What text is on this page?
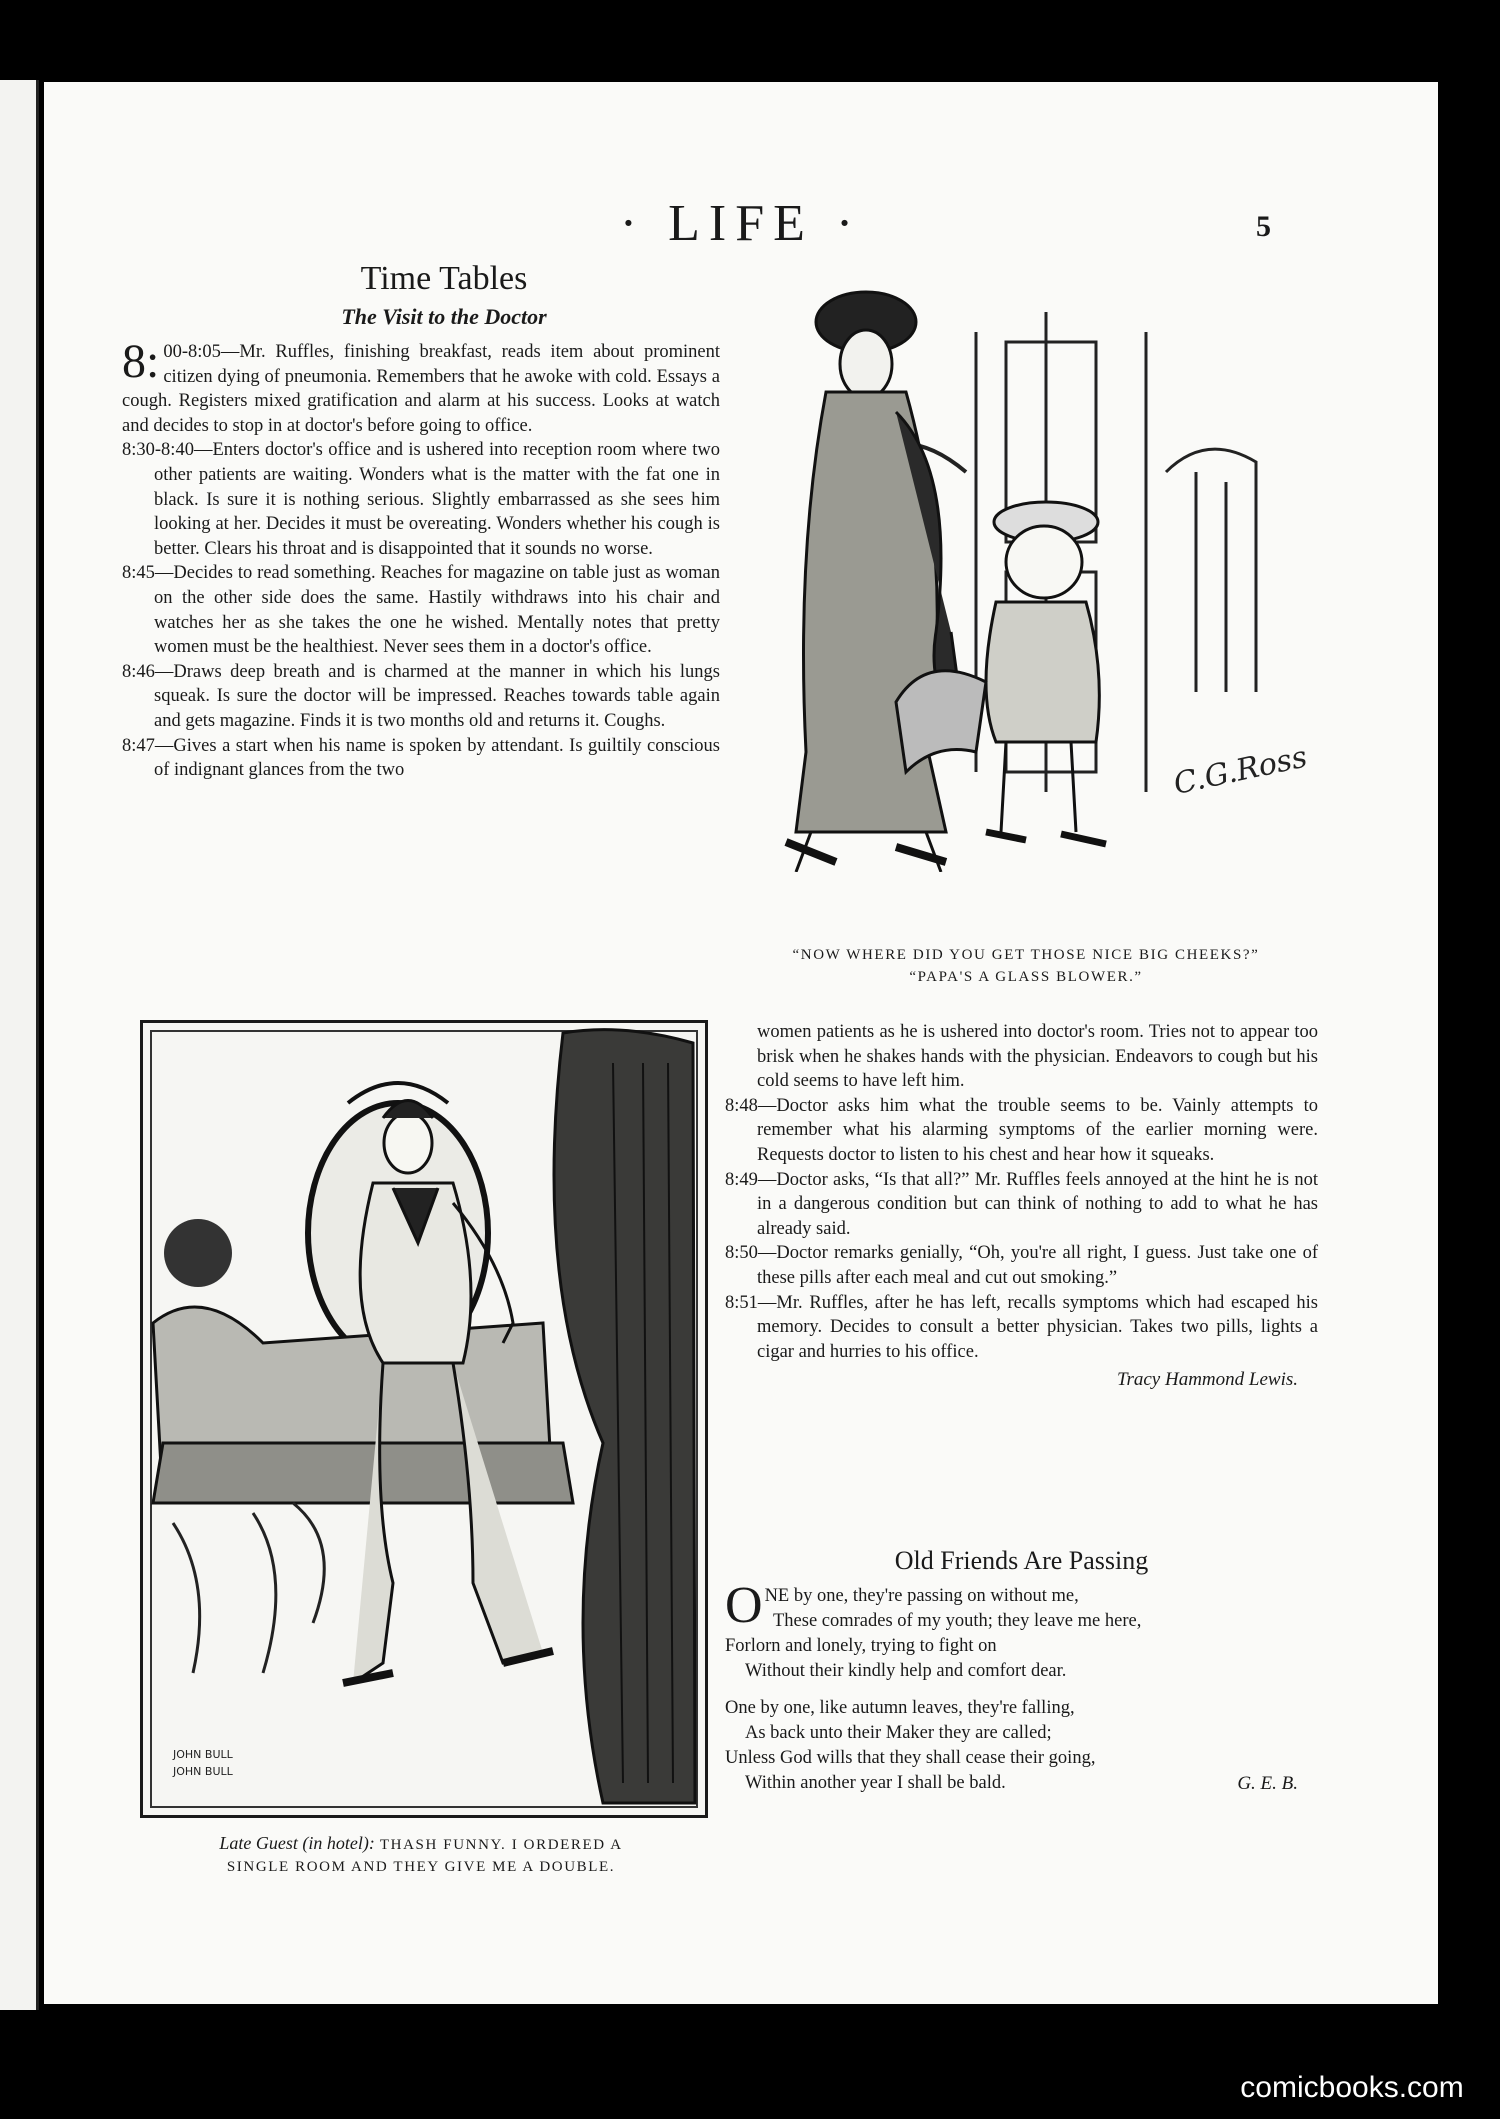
· LIFE ·	5
Time Tables
The Visit to the Doctor

8: 00-8:05—Mr. Ruffles, finishing breakfast, reads item about prominent citizen dying of pneumonia. Remembers that he awoke with cold. Essays a cough. Registers mixed gratification and alarm at his success. Looks at watch and decides to stop in at doctor's before going to office.

8:30-8:40—Enters doctor's office and is ushered into reception room where two other patients are waiting. Wonders what is the matter with the fat one in black. Is sure it is nothing serious. Slightly embarrassed as she sees him looking at her. Decides it must be overeating. Wonders whether his cough is better. Clears his throat and is disappointed that it sounds no worse.

8:45—Decides to read something. Reaches for magazine on table just as woman on the other side does the same. Hastily withdraws into his chair and watches her as she takes the one he wished. Mentally notes that pretty women must be the healthiest. Never sees them in a doctor's office.

8:46—Draws deep breath and is charmed at the manner in which his lungs squeak. Is sure the doctor will be impressed. Reaches towards table again and gets magazine. Finds it is two months old and returns it. Coughs.

8:47—Gives a start when his name is spoken by attendant. Is guiltily conscious of indignant glances from the two	C.G.Ross
“NOW WHERE DID YOU GET THOSE NICE BIG CHEEKS?”
“PAPA'S A GLASS BLOWER.”
JOHN BULL
JOHN BULL
Late Guest (in hotel): THASH FUNNY. I ORDERED A
SINGLE ROOM AND THEY GIVE ME A DOUBLE.

women patients as he is ushered into doctor's room. Tries not to appear too brisk when he shakes hands with the physician. Endeavors to cough but his cold seems to have left him.

8:48—Doctor asks him what the trouble seems to be. Vainly attempts to remember what his alarming symptoms of the earlier morning were. Requests doctor to listen to his chest and hear how it squeaks.

8:49—Doctor asks, “Is that all?” Mr. Ruffles feels annoyed at the hint he is not in a dangerous condition but can think of nothing to add to what he has already said.

8:50—Doctor remarks genially, “Oh, you're all right, I guess. Just take one of these pills after each meal and cut out smoking.”

8:51—Mr. Ruffles, after he has left, recalls symptoms which had escaped his memory. Decides to consult a better physician. Takes two pills, lights a cigar and hurries to his office.

Tracy Hammond Lewis.

Old Friends Are Passing

ONE by one, they're passing on without me,

These comrades of my youth; they leave me here,

Forlorn and lonely, trying to fight on

Without their kindly help and comfort dear.

One by one, like autumn leaves, they're falling,

As back unto their Maker they are called;

Unless God wills that they shall cease their going,

Within another year I shall be bald.	G. E. B.

comicbooks.com
